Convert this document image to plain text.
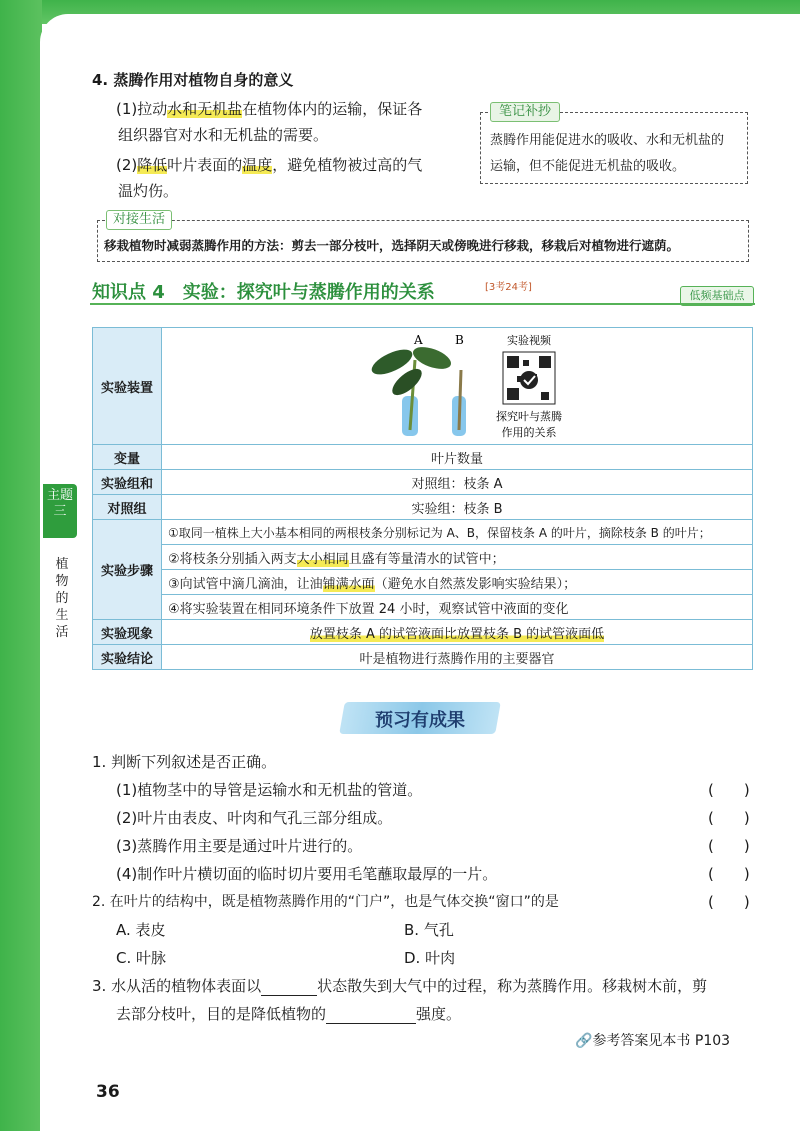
4. 蒸腾作用对植物自身的意义
(1)拉动水和无机盐在植物体内的运输，保证各
组织器官对水和无机盐的需要。
(2)降低叶片表面的温度，避免植物被过高的气
温灼伤。
笔记补抄
蒸腾作用能促进水的吸收、水和无机盐的
运输，但不能促进无机盐的吸收。
对接生活
移栽植物时减弱蒸腾作用的方法：剪去一部分枝叶，选择阴天或傍晚进行移栽，移栽后对植物进行遮荫。
知识点 4　实验：探究叶与蒸腾作用的关系	[3考24考]
低频基础点
实验装置	A B 实验视频
探究叶与蒸腾
作用的关系

变量	叶片数量
实验组和	对照组：枝条 A
对照组	实验组：枝条 B
实验步骤	①取同一植株上大小基本相同的两根枝条分别标记为 A、B，保留枝条 A 的叶片，摘除枝条 B 的叶片；
	②将枝条分别插入两支大小相同且盛有等量清水的试管中；
	③向试管中滴几滴油，让油铺满水面（避免水自然蒸发影响实验结果）；
	④将实验装置在相同环境条件下放置 24 小时，观察试管中液面的变化
实验现象	放置枝条 A 的试管液面比放置枝条 B 的试管液面低
实验结论	叶是植物进行蒸腾作用的主要器官
预习有成果
1. 判断下列叙述是否正确。
(1)植物茎中的导管是运输水和无机盐的管道。	(　　)
(2)叶片由表皮、叶肉和气孔三部分组成。	(　　)
(3)蒸腾作用主要是通过叶片进行的。	(　　)
(4)制作叶片横切面的临时切片要用毛笔蘸取最厚的一片。	(　　)
2. 在叶片的结构中，既是植物蒸腾作用的“门户”，也是气体交换“窗口”的是	(　　)
A. 表皮	B. 气孔
C. 叶脉	D. 叶肉
3. 水从活的植物体表面以	状态散失到大气中的过程，称为蒸腾作用。移栽树木前，剪
去部分枝叶，目的是降低植物的	强度。
🔗参考答案见本书 P103
主题三
植物的生活
36
